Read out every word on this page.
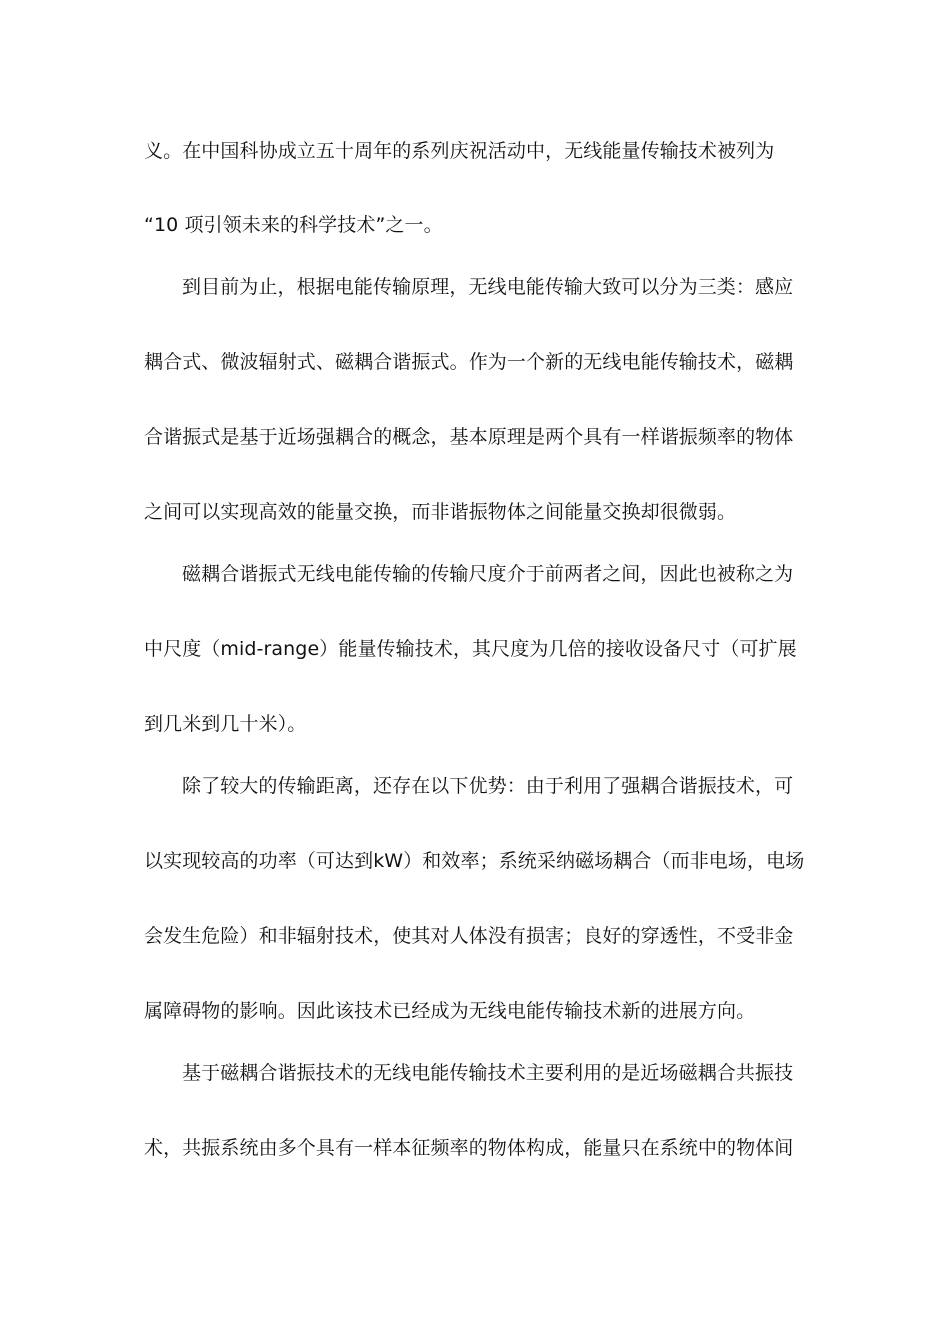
义。在中国科协成立五十周年的系列庆祝活动中，无线能量传输技术被列为
“10 项引领未来的科学技术”之一。
到目前为止，根据电能传输原理，无线电能传输大致可以分为三类：感应
耦合式、微波辐射式、磁耦合谐振式。作为一个新的无线电能传输技术，磁耦
合谐振式是基于近场强耦合的概念，基本原理是两个具有一样谐振频率的物体
之间可以实现高效的能量交换，而非谐振物体之间能量交换却很微弱。
磁耦合谐振式无线电能传输的传输尺度介于前两者之间，因此也被称之为
中尺度（mid-range）能量传输技术，其尺度为几倍的接收设备尺寸（可扩展
到几米到几十米）。
除了较大的传输距离，还存在以下优势：由于利用了强耦合谐振技术，可
以实现较高的功率（可达到kW）和效率；系统采纳磁场耦合（而非电场，电场
会发生危险）和非辐射技术，使其对人体没有损害；良好的穿透性，不受非金
属障碍物的影响。因此该技术已经成为无线电能传输技术新的进展方向。
基于磁耦合谐振技术的无线电能传输技术主要利用的是近场磁耦合共振技
术，共振系统由多个具有一样本征频率的物体构成，能量只在系统中的物体间
